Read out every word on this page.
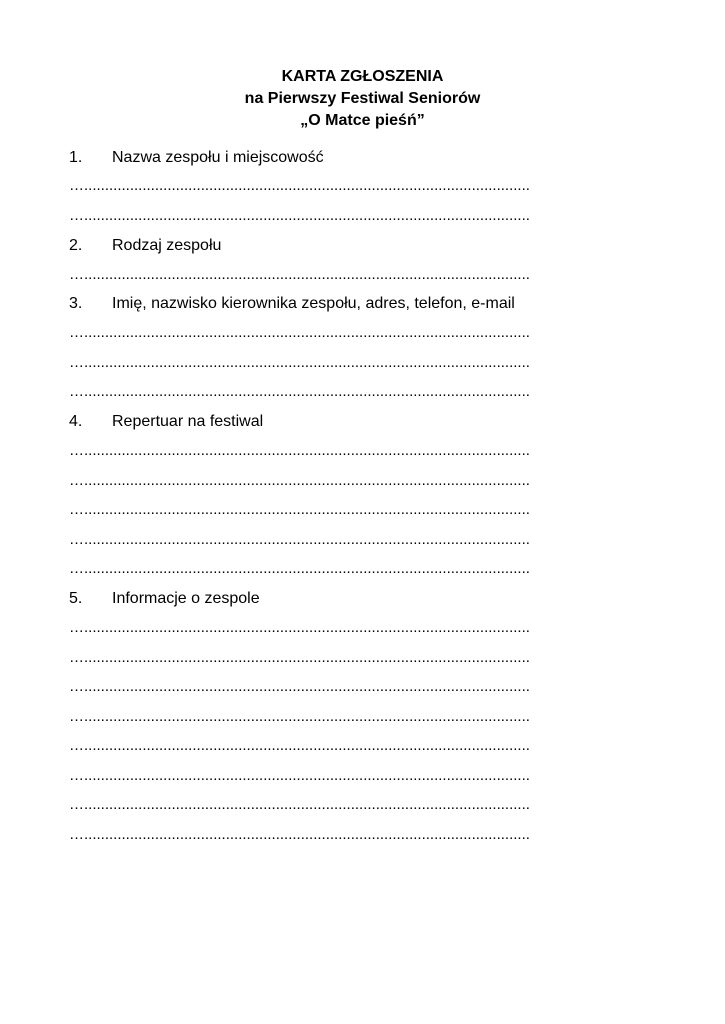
KARTA ZGŁOSZENIA
na Pierwszy Festiwal Seniorów
„O Matce pieśń”
1. Nazwa zespołu i miejscowość
…...........................................................................................................
…...........................................................................................................
2. Rodzaj zespołu
…...........................................................................................................
3. Imię, nazwisko kierownika zespołu, adres, telefon, e-mail
…...........................................................................................................
…...........................................................................................................
…...........................................................................................................
4. Repertuar na festiwal
…...........................................................................................................
…...........................................................................................................
…...........................................................................................................
…...........................................................................................................
…...........................................................................................................
5. Informacje o zespole
…...........................................................................................................
…...........................................................................................................
…...........................................................................................................
…...........................................................................................................
…...........................................................................................................
…...........................................................................................................
…...........................................................................................................
…...........................................................................................................
